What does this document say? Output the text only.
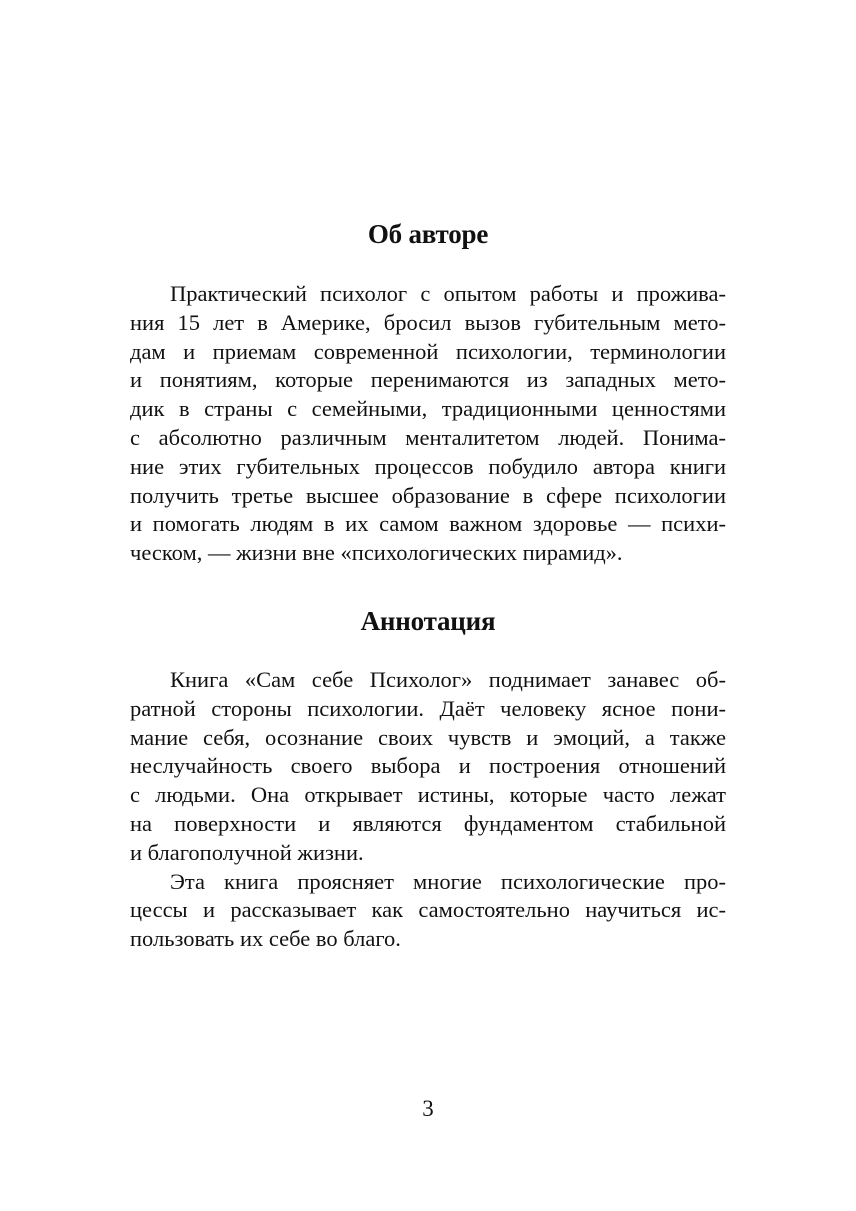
Об авторе
Практический психолог с опытом работы и прожива-
ния 15 лет в Америке, бросил вызов губительным мето-
дам и приемам современной психологии, терминологии
и понятиям, которые перенимаются из западных мето-
дик в страны с семейными, традиционными ценностями
с абсолютно различным менталитетом людей. Понима-
ние этих губительных процессов побудило автора книги
получить третье высшее образование в сфере психологии
и помогать людям в их самом важном здоровье — психи-
ческом, — жизни вне «психологических пирамид».
Аннотация
Книга «Сам себе Психолог» поднимает занавес об-
ратной стороны психологии. Даёт человеку ясное пони-
мание себя, осознание своих чувств и эмоций, а также
неслучайность своего выбора и построения отношений
с людьми. Она открывает истины, которые часто лежат
на поверхности и являются фундаментом стабильной
и благополучной жизни.
Эта книга проясняет многие психологические про-
цессы и рассказывает как самостоятельно научиться ис-
пользовать их себе во благо.
3
